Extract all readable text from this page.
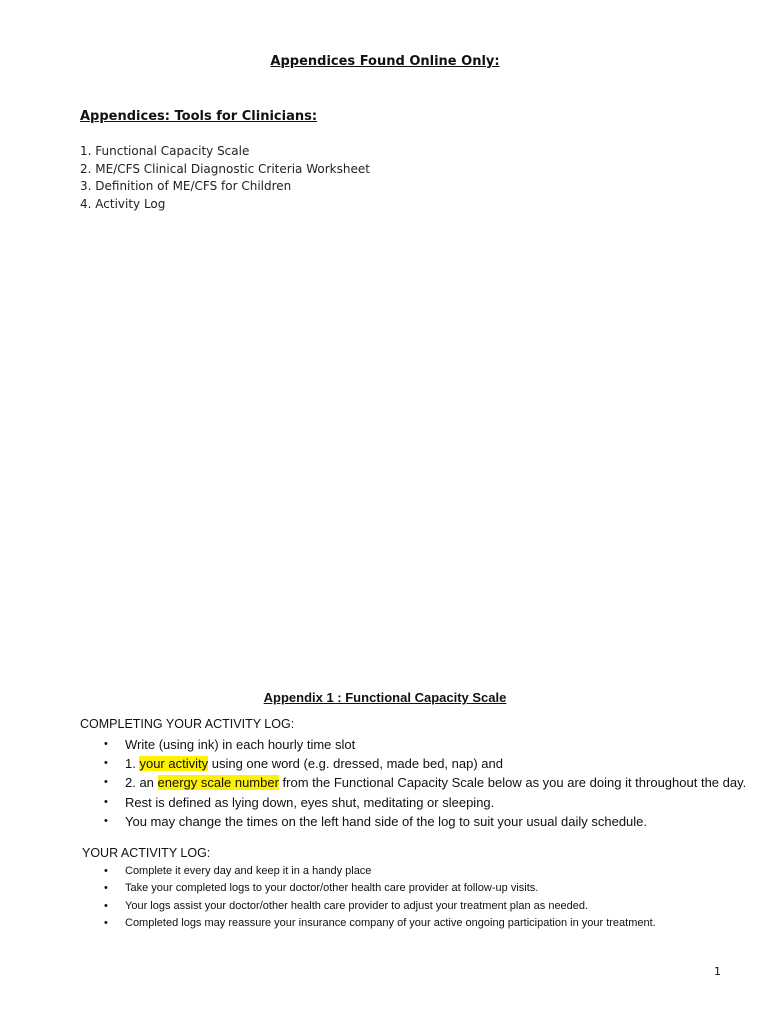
Appendices Found Online Only:
Appendices: Tools for Clinicians:
1. Functional Capacity Scale
2. ME/CFS Clinical Diagnostic Criteria Worksheet
3. Definition of ME/CFS for Children
4. Activity Log
Appendix 1 : Functional Capacity Scale
COMPLETING YOUR ACTIVITY LOG:
• Write (using ink) in each hourly time slot
• 1. your activity using one word (e.g. dressed, made bed, nap) and
• 2. an energy scale number from the Functional Capacity Scale below as you are doing it throughout the day.
• Rest is defined as lying down, eyes shut, meditating or sleeping.
• You may change the times on the left hand side of the log to suit your usual daily schedule.
YOUR ACTIVITY LOG:
• Complete it every day and keep it in a handy place
• Take your completed logs to your doctor/other health care provider at follow-up visits.
• Your logs assist your doctor/other health care provider to adjust your treatment plan as needed.
• Completed logs may reassure your insurance company of your active ongoing participation in your treatment.
1
